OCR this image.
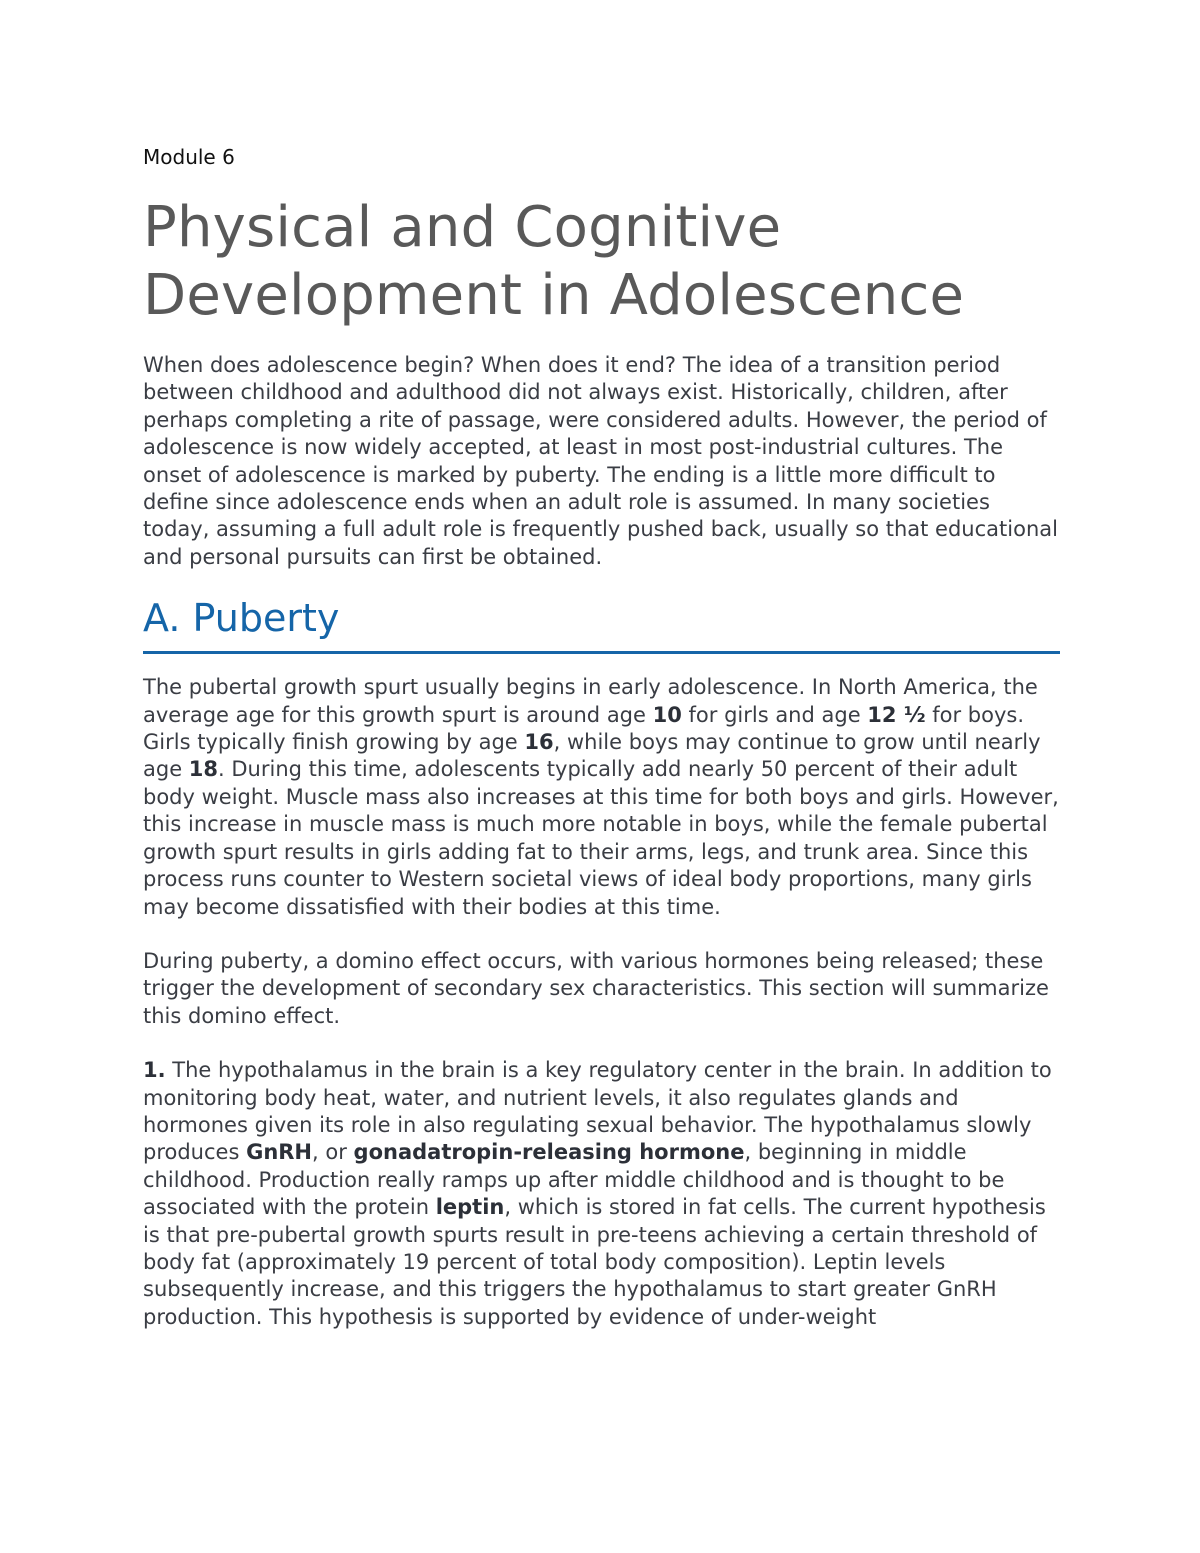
Module 6

Physical and Cognitive
Development in Adolescence

When does adolescence begin? When does it end? The idea of a transition period between childhood and adulthood did not always exist. Historically, children, after perhaps completing a rite of passage, were considered adults. However, the period of adolescence is now widely accepted, at least in most post-industrial cultures. The onset of adolescence is marked by puberty. The ending is a little more difficult to define since adolescence ends when an adult role is assumed. In many societies today, assuming a full adult role is frequently pushed back, usually so that educational and personal pursuits can first be obtained.

A. Puberty

The pubertal growth spurt usually begins in early adolescence. In North America, the average age for this growth spurt is around age 10 for girls and age 12 ½ for boys. Girls typically finish growing by age 16, while boys may continue to grow until nearly age 18. During this time, adolescents typically add nearly 50 percent of their adult body weight. Muscle mass also increases at this time for both boys and girls. However, this increase in muscle mass is much more notable in boys, while the female pubertal growth spurt results in girls adding fat to their arms, legs, and trunk area. Since this process runs counter to Western societal views of ideal body proportions, many girls may become dissatisfied with their bodies at this time.

During puberty, a domino effect occurs, with various hormones being released; these trigger the development of secondary sex characteristics. This section will summarize this domino effect.

1. The hypothalamus in the brain is a key regulatory center in the brain. In addition to monitoring body heat, water, and nutrient levels, it also regulates glands and hormones given its role in also regulating sexual behavior. The hypothalamus slowly produces GnRH, or gonadatropin-releasing hormone, beginning in middle childhood. Production really ramps up after middle childhood and is thought to be associated with the protein leptin, which is stored in fat cells. The current hypothesis is that pre-pubertal growth spurts result in pre-teens achieving a certain threshold of body fat (approximately 19 percent of total body composition). Leptin levels subsequently increase, and this triggers the hypothalamus to start greater GnRH production. This hypothesis is supported by evidence of under-weight
